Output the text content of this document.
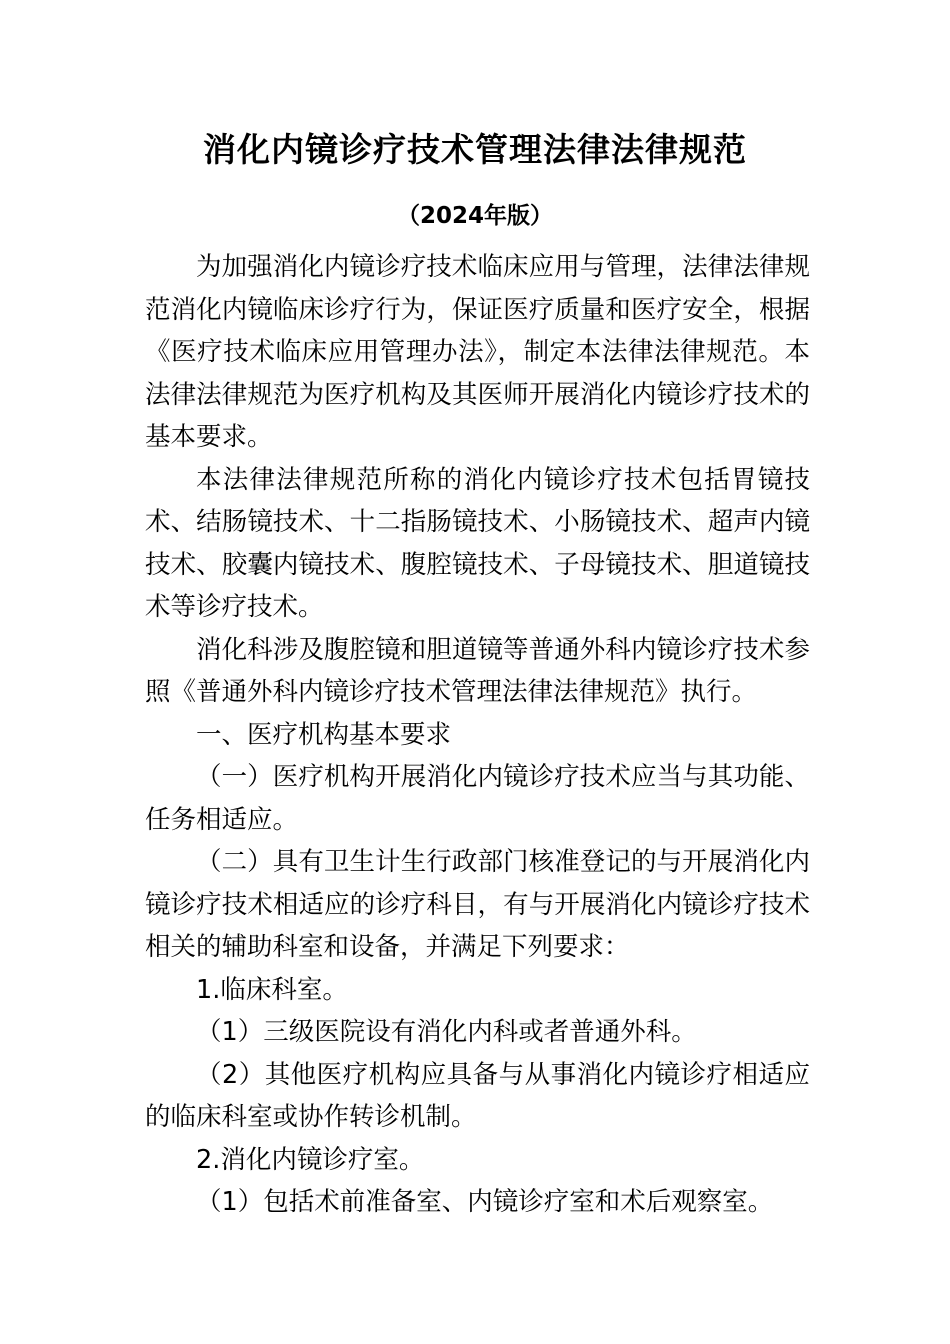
消化内镜诊疗技术管理法律法律规范
（2024年版）

为加强消化内镜诊疗技术临床应用与管理，法律法律规范消化内镜临床诊疗行为，保证医疗质量和医疗安全，根据《医疗技术临床应用管理办法》，制定本法律法律规范。本法律法律规范为医疗机构及其医师开展消化内镜诊疗技术的基本要求。

本法律法律规范所称的消化内镜诊疗技术包括胃镜技术、结肠镜技术、十二指肠镜技术、小肠镜技术、超声内镜技术、胶囊内镜技术、腹腔镜技术、子母镜技术、胆道镜技术等诊疗技术。

消化科涉及腹腔镜和胆道镜等普通外科内镜诊疗技术参照《普通外科内镜诊疗技术管理法律法律规范》执行。

一、医疗机构基本要求

（一）医疗机构开展消化内镜诊疗技术应当与其功能、任务相适应。

（二）具有卫生计生行政部门核准登记的与开展消化内镜诊疗技术相适应的诊疗科目，有与开展消化内镜诊疗技术相关的辅助科室和设备，并满足下列要求：

1.临床科室。

（1）三级医院设有消化内科或者普通外科。

（2）其他医疗机构应具备与从事消化内镜诊疗相适应的临床科室或协作转诊机制。

2.消化内镜诊疗室。

（1）包括术前准备室、内镜诊疗室和术后观察室。
